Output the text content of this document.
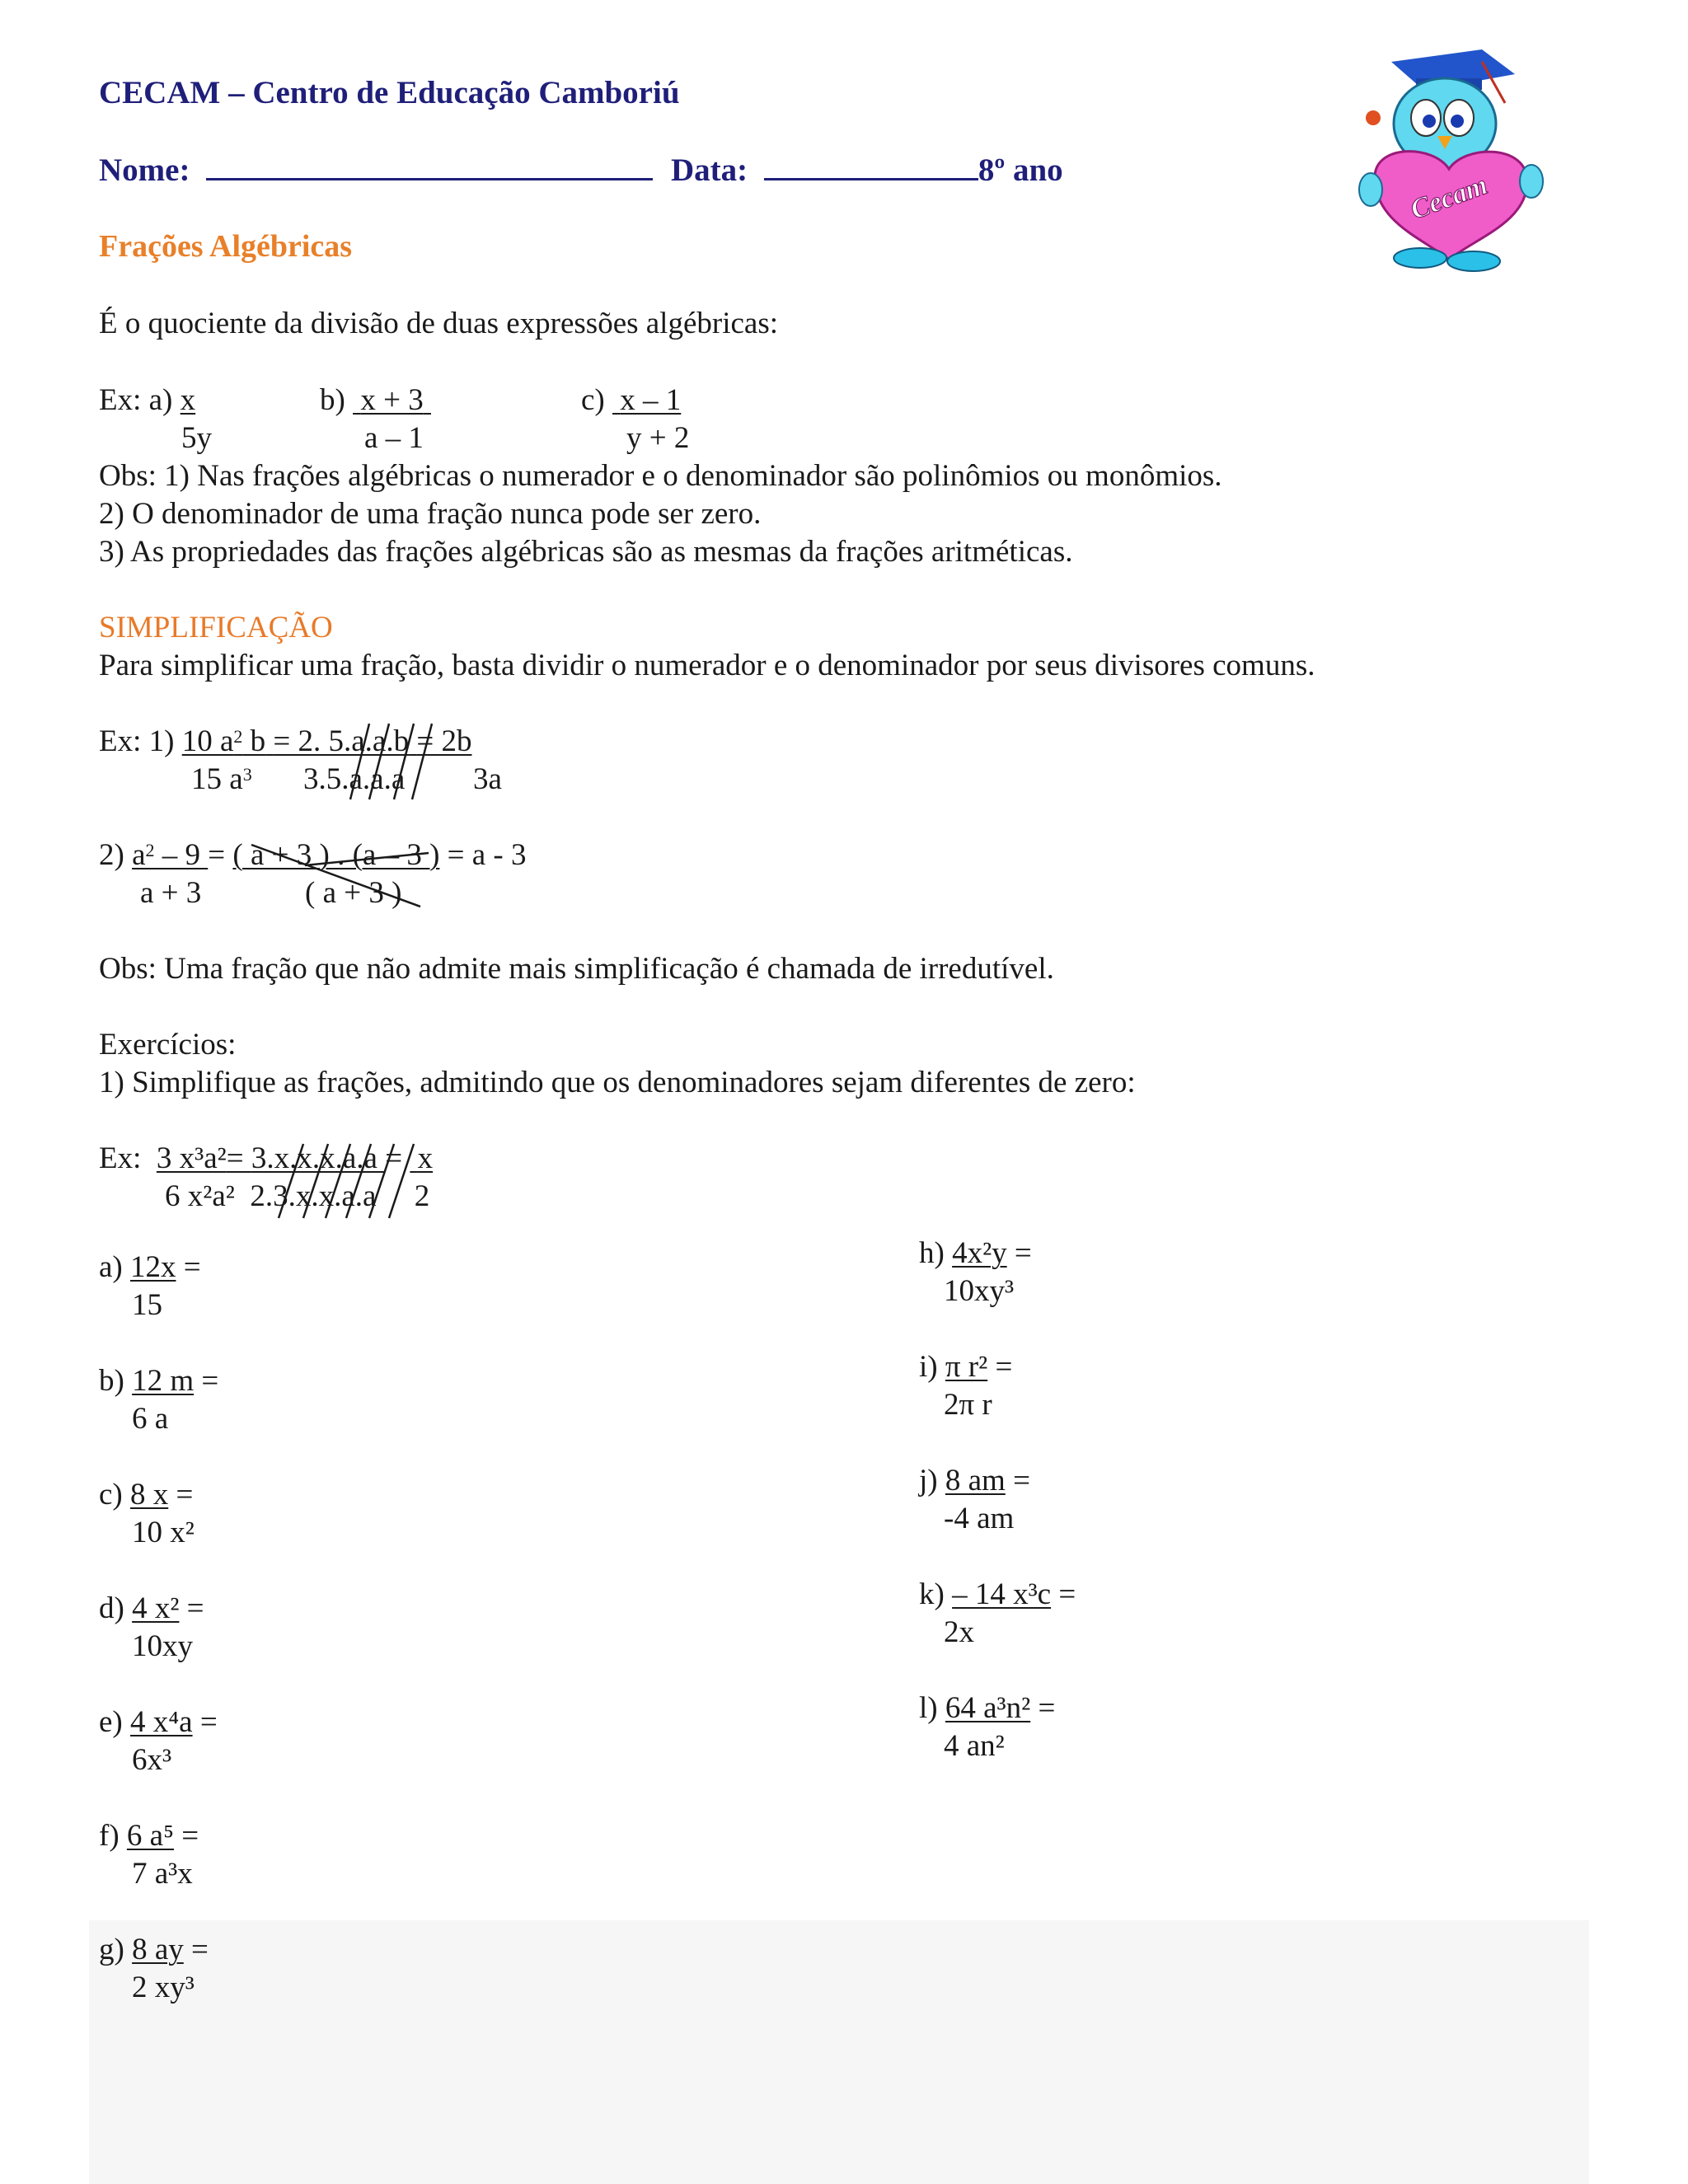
CECAM – Centro de Educação Camboriú
Nome:	Data:	8º ano
Frações Algébricas
É o quociente da divisão de duas expressões algébricas:
Ex: a) x
5y
b) x + 3
a – 1
c) x – 1
y + 2
Obs: 1) Nas frações algébricas o numerador e o denominador são polinômios ou monômios.
2) O denominador de uma fração nunca pode ser zero.
3) As propriedades das frações algébricas são as mesmas da frações aritméticas.
SIMPLIFICAÇÃO
Para simplificar uma fração, basta dividir o numerador e o denominador por seus divisores comuns.
Ex: 1) 10 $a^2$ b = 2. 5.a.a.b = 2b
15 $a^3$ 3.5.a.a.a 3a
2) $a^2 - 9$ = ( a + 3 ) . (a – 3 ) = a - 3
a + 3	( a + 3 )
Obs: Uma fração que não admite mais simplificação é chamada de irredutível.
Exercícios:
1) Simplifique as frações, admitindo que os denominadores sejam diferentes de zero:
Ex: 3 x³a²= 3.x.x.x.a.a =  x
6 x²a² 2.3.x.x.a.a 2
a) 12x =
15
b) 12 m =
6 a
c) 8 x =
10 x²
d) 4 x² =
10xy
e) 4 x⁴a =
6x³
f) 6 a⁵ =
7 a³x
g) 8 ay =
2 xy³
h) 4x²y =
10xy³
i) π r² =
2π r
j) 8 am =
-4 am
k) – 14 x³c =
2x
l) 64 a³n² =
4 an²
Cecam
